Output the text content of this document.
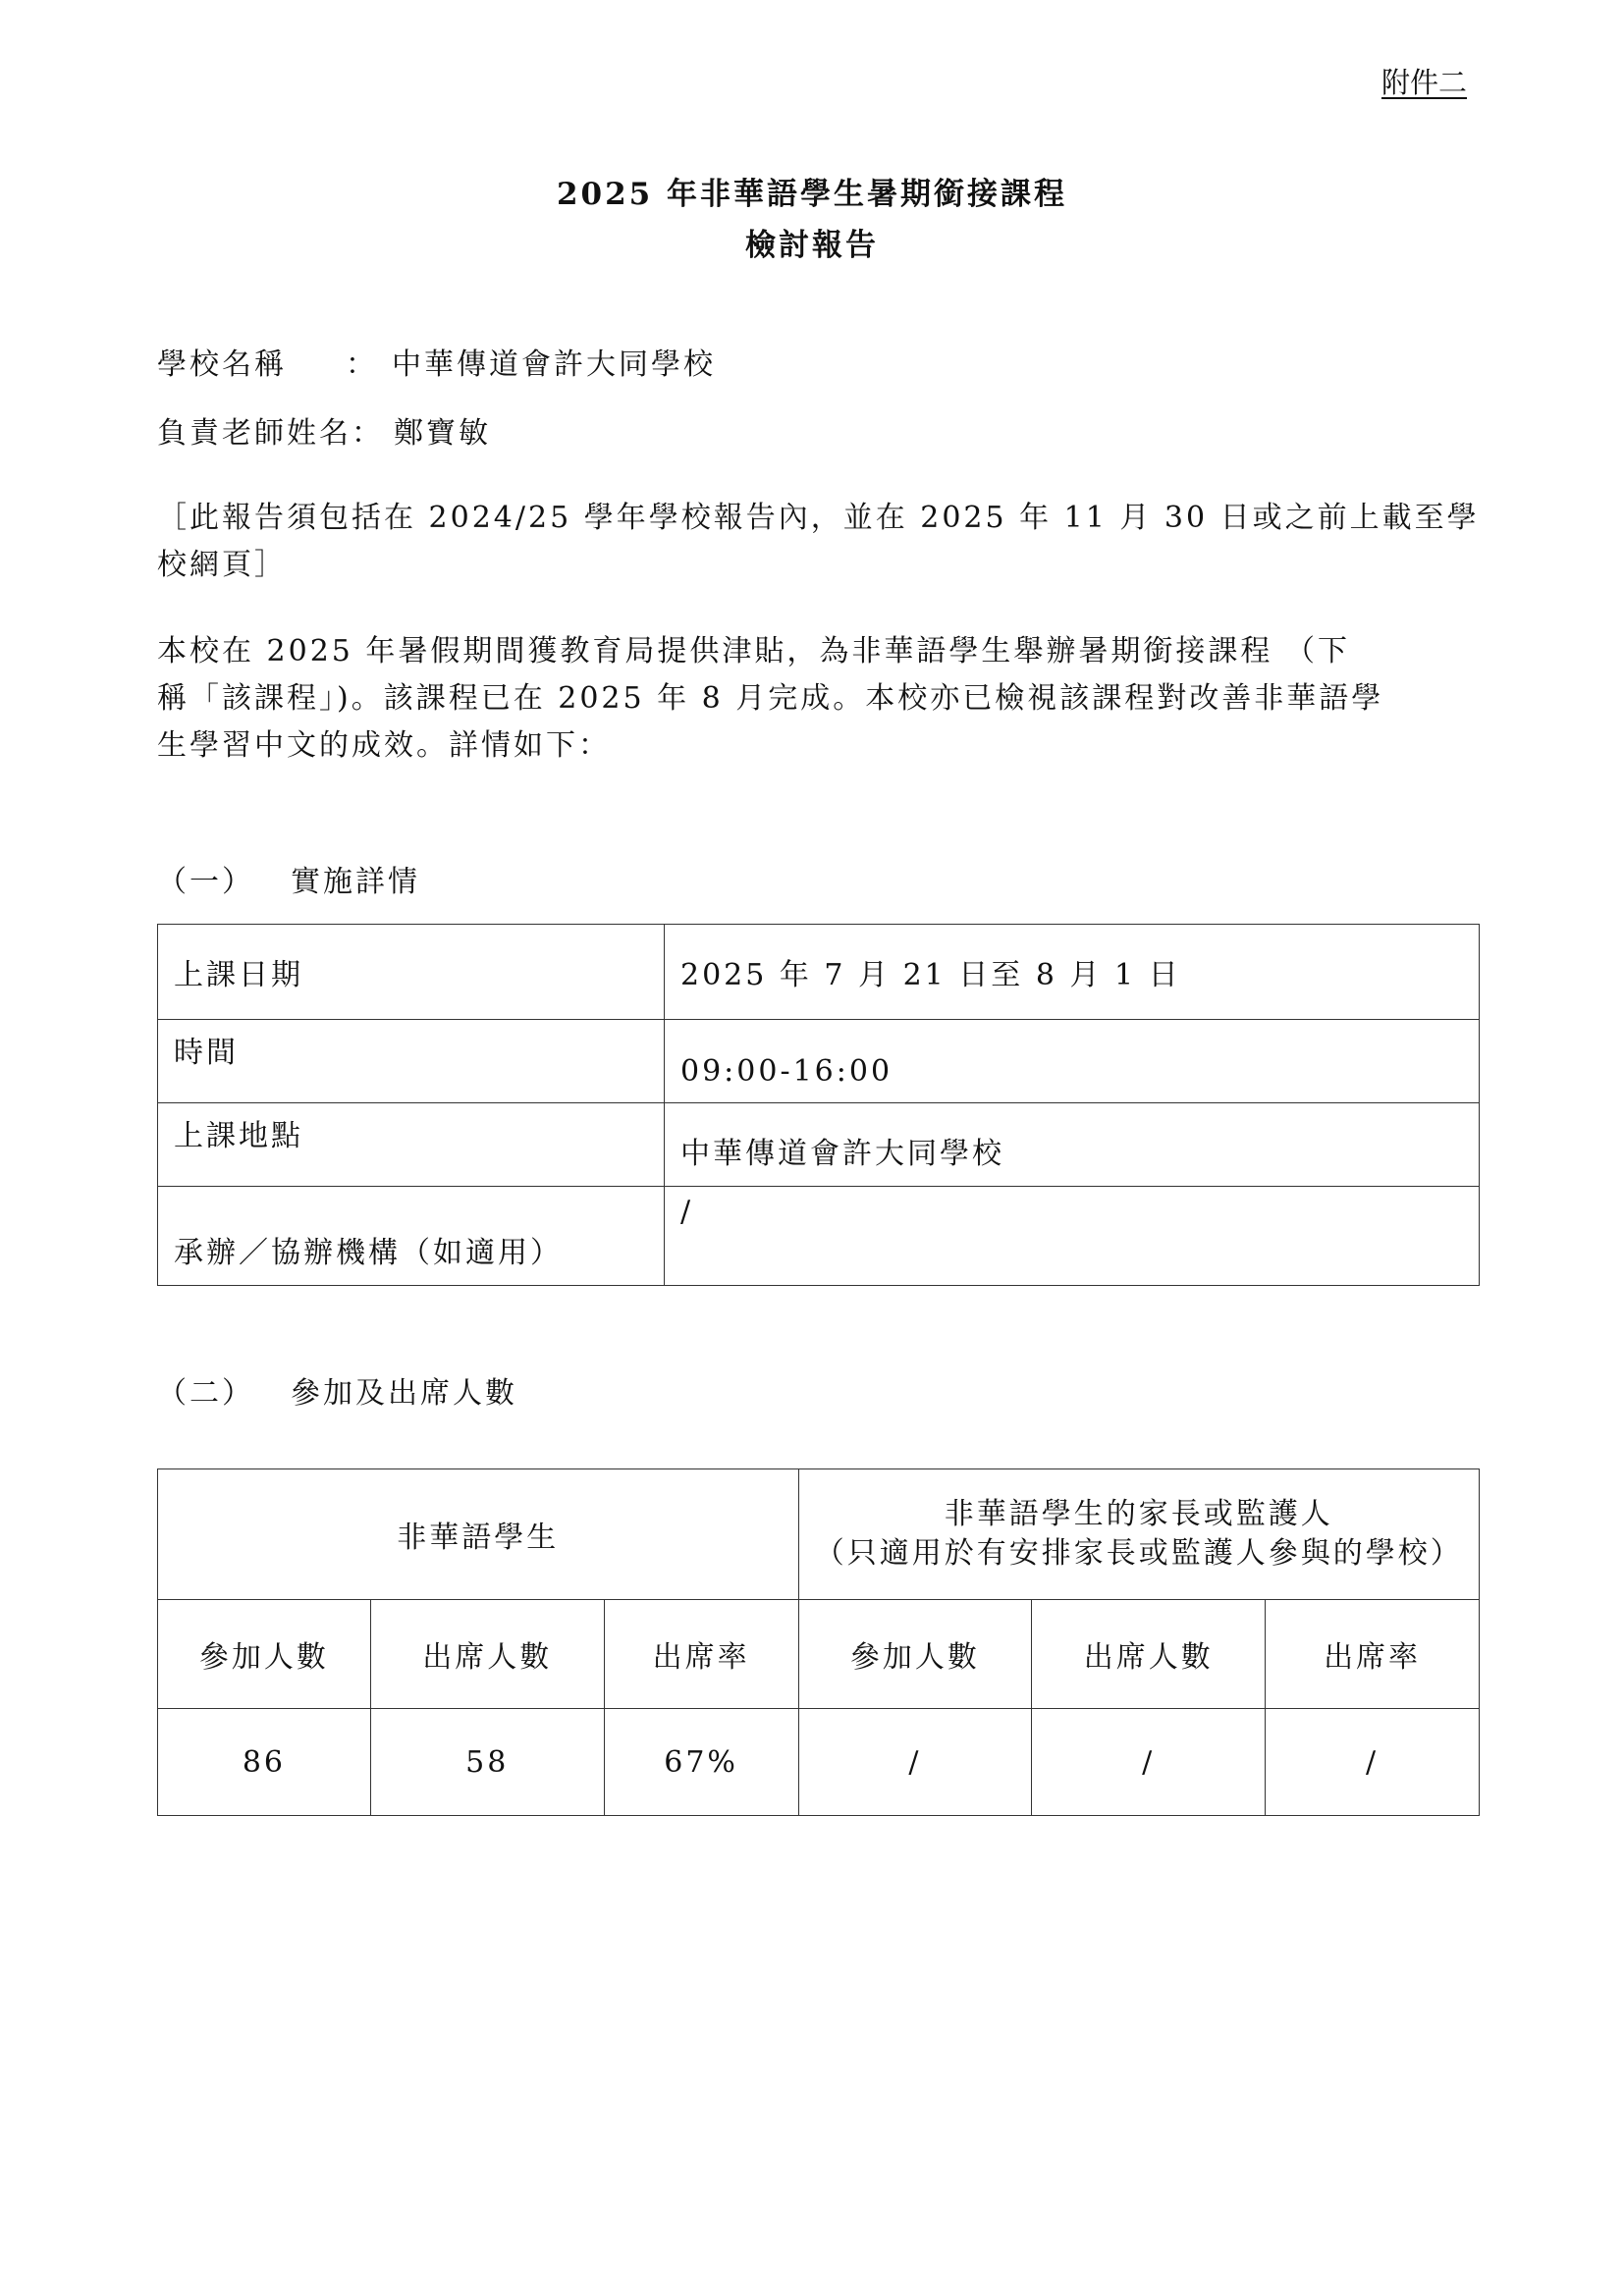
附件二
2025 年非華語學生暑期銜接課程
檢討報告
學校名稱 ： 中華傳道會許大同學校
負責老師姓名： 鄭寶敏
［此報告須包括在 2024/25 學年學校報告內，並在 2025 年 11 月 30 日或之前上載至學
校網頁］
本校在 2025 年暑假期間獲教育局提供津貼，為非華語學生舉辦暑期銜接課程 （下
稱「該課程」)。該課程已在 2025 年 8 月完成。本校亦已檢視該課程對改善非華語學
生學習中文的成效。詳情如下：
（一） 實施詳情
上課日期	2025 年 7 月 21 日至 8 月 1 日
時間	09:00-16:00
上課地點	中華傳道會許大同學校
承辦／協辦機構（如適用）	/
（二） 參加及出席人數
非華語學生			非華語學生的家長或監護人
（只適用於有安排家長或監護人參與的學校）		

參加人數	出席人數	出席率	參加人數	出席人數	出席率
86	58	67%	/	/	/
